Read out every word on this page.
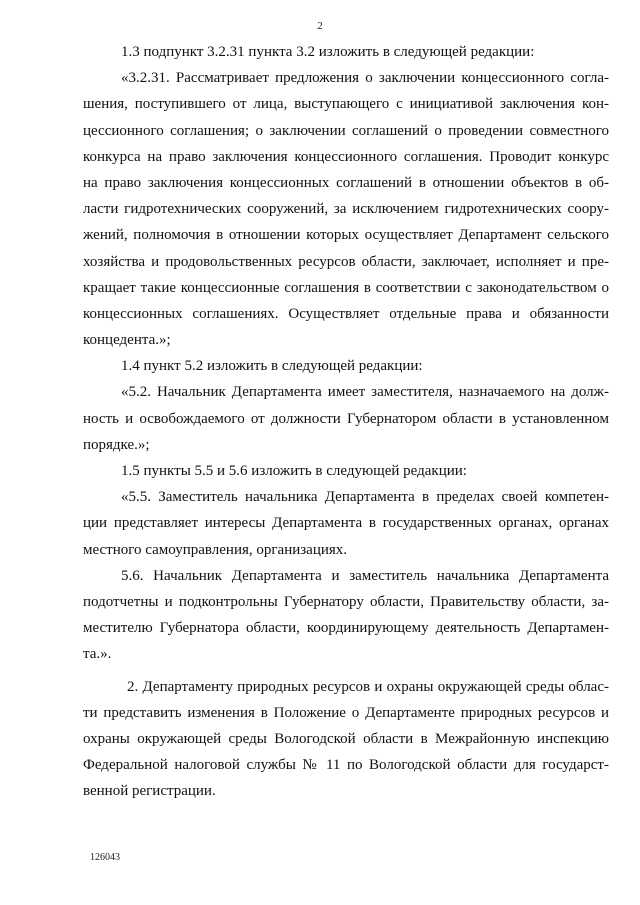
2
1.3 подпункт 3.2.31 пункта 3.2 изложить в следующей редакции:
«3.2.31. Рассматривает предложения о заключении концессионного согла-
шения, поступившего от лица, выступающего с инициативой заключения кон-
цессионного соглашения; о заключении соглашений о проведении совместного
конкурса на право заключения концессионного соглашения. Проводит конкурс
на право заключения концессионных соглашений в отношении объектов в об-
ласти гидротехнических сооружений, за исключением гидротехнических соору-
жений, полномочия в отношении которых осуществляет Департамент сельского
хозяйства и продовольственных ресурсов области, заключает, исполняет и пре-
кращает такие концессионные соглашения в соответствии с законодательством о
концессионных соглашениях. Осуществляет отдельные права и обязанности
концедента.»;
1.4 пункт 5.2 изложить в следующей редакции:
«5.2. Начальник Департамента имеет заместителя, назначаемого на долж-
ность и освобождаемого от должности Губернатором области в установленном
порядке.»;
1.5 пункты 5.5 и 5.6 изложить в следующей редакции:
«5.5. Заместитель начальника Департамента в пределах своей компетен-
ции представляет интересы Департамента в государственных органах, органах
местного самоуправления, организациях.
5.6. Начальник Департамента и заместитель начальника Департамента
подотчетны и подконтрольны Губернатору области, Правительству области, за-
местителю Губернатора области, координирующему деятельность Департамен-
та.».
2. Департаменту природных ресурсов и охраны окружающей среды облас-
ти представить изменения в Положение о Департаменте природных ресурсов и
охраны окружающей среды Вологодской области в Межрайонную инспекцию
Федеральной налоговой службы № 11 по Вологодской области для государст-
венной регистрации.
126043
